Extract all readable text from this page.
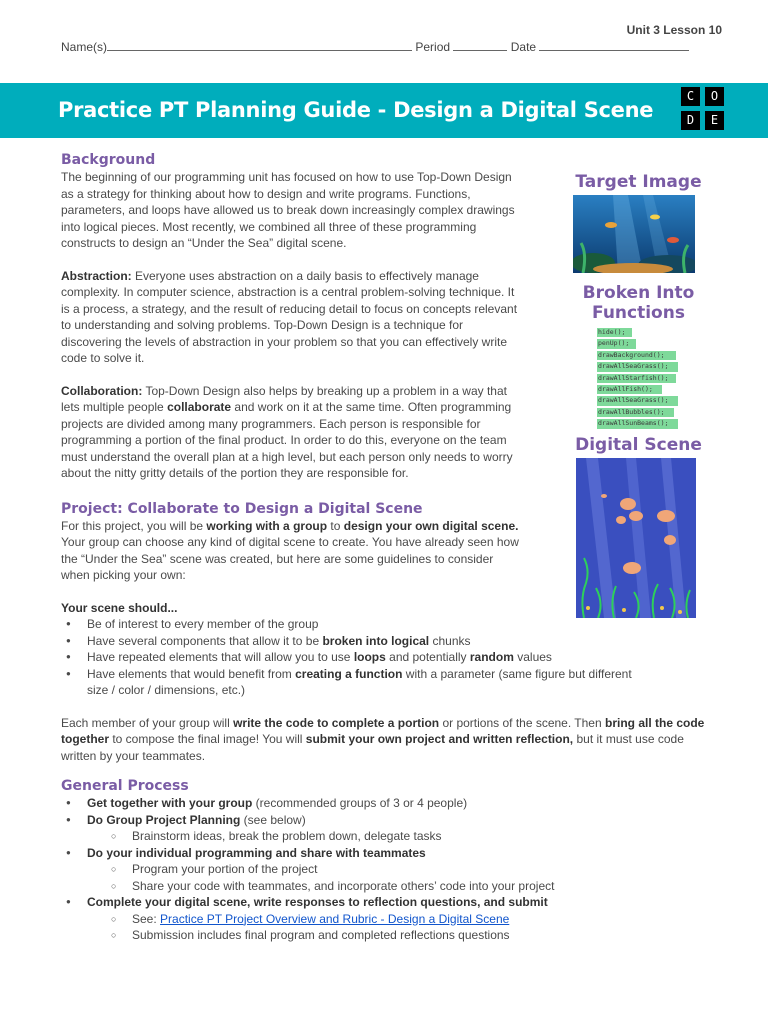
Unit 3 Lesson 10
Name(s)	Period	Date
Practice PT Planning Guide - Design a Digital Scene
C	O
D	E
Background

The beginning of our programming unit has focused on how to use Top-Down Design as a strategy for thinking about how to design and write programs. Functions, parameters, and loops have allowed us to break down increasingly complex drawings into logical pieces. Most recently, we combined all three of these programming constructs to design an “Under the Sea” digital scene.

Abstraction: Everyone uses abstraction on a daily basis to effectively manage complexity. In computer science, abstraction is a central problem-solving technique. It is a process, a strategy, and the result of reducing detail to focus on concepts relevant to understanding and solving problems. Top-Down Design is a technique for discovering the levels of abstraction in your problem so that you can effectively write code to solve it.

Collaboration: Top-Down Design also helps by breaking up a problem in a way that lets multiple people collaborate and work on it at the same time. Often programming projects are divided among many programmers. Each person is responsible for programming a portion of the final product. In order to do this, everyone on the team must understand the overall plan at a high level, but each person only needs to worry about the nitty gritty details of the portion they are responsible for.

Project: Collaborate to Design a Digital Scene

For this project, you will be working with a group to design your own digital scene. Your group can choose any kind of digital scene to create. You have already seen how the “Under the Sea” scene was created, but here are some guidelines to consider when picking your own:

Your scene should...

● Be of interest to every member of the group
● Have several components that allow it to be broken into logical chunks
● Have repeated elements that will allow you to use loops and potentially random values
● Have elements that would benefit from creating a function with a parameter (same figure but different size / color / dimensions, etc.)

Each member of your group will write the code to complete a portion or portions of the scene. Then bring all the code together to compose the final image! You will submit your own project and written reflection, but it must use code written by your teammates.

General Process
● Get together with your group (recommended groups of 3 or 4 people)
● Do Group Project Planning (see below)
○ Brainstorm ideas, break the problem down, delegate tasks
● Do your individual programming and share with teammates
○ Program your portion of the project
○ Share your code with teammates, and incorporate others’ code into your project
● Complete your digital scene, write responses to reflection questions, and submit
○ See: Practice PT Project Overview and Rubric - Design a Digital Scene
○ Submission includes final program and completed reflections questions
Target Image
Broken Into Functions
hide();
penUp();
drawBackground();
drawAllSeaGrass();
drawAllStarfish();
drawAllFish();
drawAllSeaGrass();
drawAllBubbles();
drawAllSunBeams();
Digital Scene
